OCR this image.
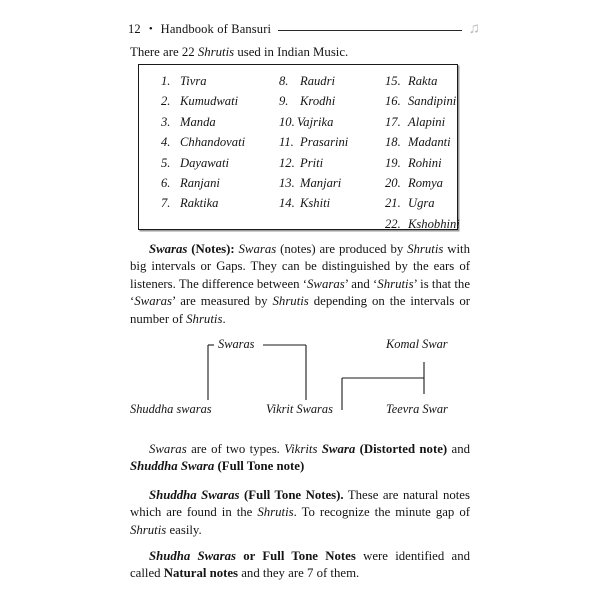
12 • Handbook of Bansuri	♫
There are 22 Shrutis used in Indian Music.
1. Tivra
2. Kumudwati
3. Manda
4. Chhandovati
5. Dayawati
6. Ranjani
7. Raktika
8. Raudri
9. Krodhi
10. Vajrika
11. Prasarini
12. Priti
13. Manjari
14. Kshiti
15. Rakta
16. Sandipini
17. Alapini
18. Madanti
19. Rohini
20. Romya
21. Ugra
22. Kshobhini
Swaras (Notes): Swaras (notes) are produced by Shrutis with big intervals or Gaps. They can be distinguished by the ears of listeners. The difference between ‘Swaras’ and ‘Shrutis’ is that the ‘Swaras’ are measured by Shrutis depending on the intervals or number of Shrutis.
Swaras
Shuddha swaras	Vikrit Swaras
Komal Swar
Teevra Swar
Swaras are of two types. Vikrits Swara (Distorted note) and Shuddha Swara (Full Tone note)
Shuddha Swaras (Full Tone Notes). These are natural notes which are found in the Shrutis. To recognize the minute gap of Shrutis easily.
Shudha Swaras or Full Tone Notes were identified and called Natural notes and they are 7 of them.
